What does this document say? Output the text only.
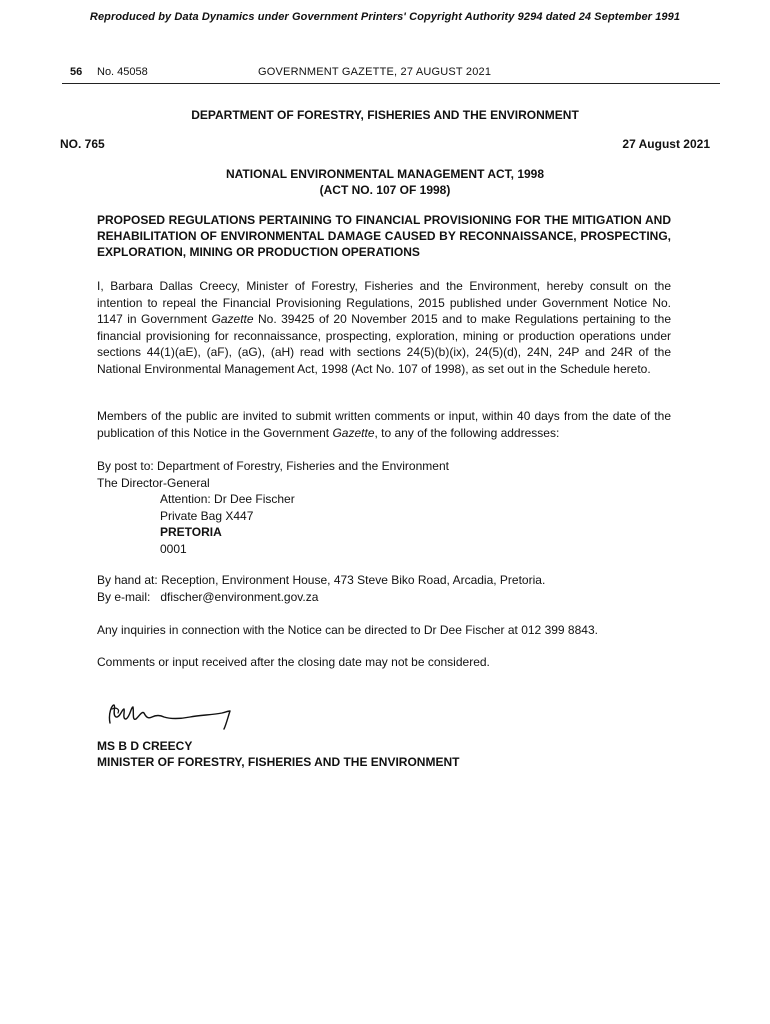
Reproduced by Data Dynamics under Government Printers' Copyright Authority 9294 dated 24 September 1991
56 No. 45058	GOVERNMENT GAZETTE, 27 AUGUST 2021
DEPARTMENT OF FORESTRY, FISHERIES AND THE ENVIRONMENT
NO. 765	27 August 2021
NATIONAL ENVIRONMENTAL MANAGEMENT ACT, 1998
(ACT NO. 107 OF 1998)
PROPOSED REGULATIONS PERTAINING TO FINANCIAL PROVISIONING FOR THE MITIGATION AND REHABILITATION OF ENVIRONMENTAL DAMAGE CAUSED BY RECONNAISSANCE, PROSPECTING, EXPLORATION, MINING OR PRODUCTION OPERATIONS
I, Barbara Dallas Creecy, Minister of Forestry, Fisheries and the Environment, hereby consult on the intention to repeal the Financial Provisioning Regulations, 2015 published under Government Notice No. 1147 in Government Gazette No. 39425 of 20 November 2015 and to make Regulations pertaining to the financial provisioning for reconnaissance, prospecting, exploration, mining or production operations under sections 44(1)(aE), (aF), (aG), (aH) read with sections 24(5)(b)(ix), 24(5)(d), 24N, 24P and 24R of the National Environmental Management Act, 1998 (Act No. 107 of 1998), as set out in the Schedule hereto.
Members of the public are invited to submit written comments or input, within 40 days from the date of the publication of this Notice in the Government Gazette, to any of the following addresses:
By post to: Department of Forestry, Fisheries and the Environment
The Director-General
Attention: Dr Dee Fischer
Private Bag X447
PRETORIA
0001
By hand at: Reception, Environment House, 473 Steve Biko Road, Arcadia, Pretoria.
By e-mail: dfischer@environment.gov.za
Any inquiries in connection with the Notice can be directed to Dr Dee Fischer at 012 399 8843.
Comments or input received after the closing date may not be considered.
MS B D CREECY
MINISTER OF FORESTRY, FISHERIES AND THE ENVIRONMENT
